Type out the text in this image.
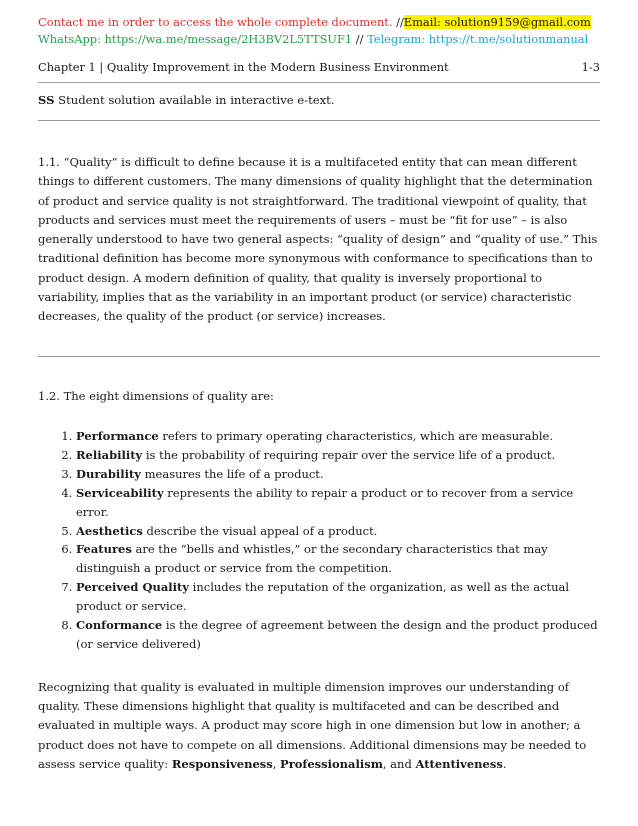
Contact me in order to access the whole complete document. //Email: solution9159@gmail.com
WhatsApp: https://wa.me/message/2H3BV2L5TTSUF1 // Telegram: https://t.me/solutionmanual
Chapter 1 | Quality Improvement in the Modern Business Environment	1-3
SS Student solution available in interactive e-text.

1.1. “Quality” is difficult to define because it is a multifaceted entity that can mean different things to different customers. The many dimensions of quality highlight that the determination of product and service quality is not straightforward. The traditional viewpoint of quality, that products and services must meet the requirements of users – must be “fit for use” – is also generally understood to have two general aspects: “quality of design” and “quality of use.” This traditional definition has become more synonymous with conformance to specifications than to product design. A modern definition of quality, that quality is inversely proportional to variability, implies that as the variability in an important product (or service) characteristic decreases, the quality of the product (or service) increases.

1.2. The eight dimensions of quality are:

1. Performance refers to primary operating characteristics, which are measurable.
2. Reliability is the probability of requiring repair over the service life of a product.
3. Durability measures the life of a product.
4. Serviceability represents the ability to repair a product or to recover from a service error.
5. Aesthetics describe the visual appeal of a product.
6. Features are the “bells and whistles,” or the secondary characteristics that may distinguish a product or service from the competition.
7. Perceived Quality includes the reputation of the organization, as well as the actual product or service.
8. Conformance is the degree of agreement between the design and the product produced (or service delivered)

Recognizing that quality is evaluated in multiple dimension improves our understanding of quality. These dimensions highlight that quality is multifaceted and can be described and evaluated in multiple ways. A product may score high in one dimension but low in another; a product does not have to compete on all dimensions. Additional dimensions may be needed to assess service quality: Responsiveness, Professionalism, and Attentiveness.
